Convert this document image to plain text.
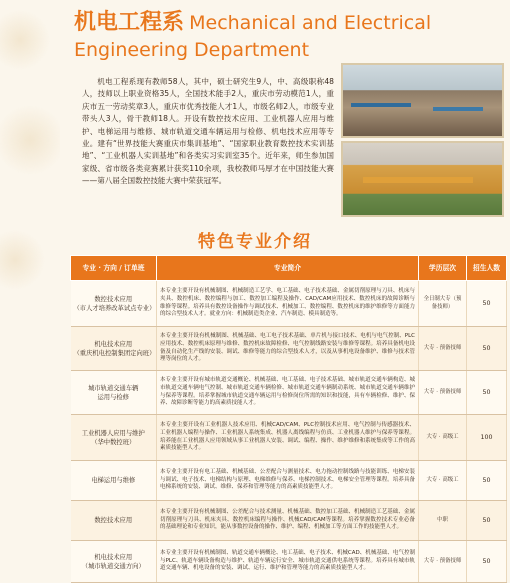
机电工程系 Mechanical and Electrical Engineering Department
机电工程系现有教师58人，其中，硕士研究生9人，中、高级职称48人，技师以上职业资格35人，全国技术能手2人，重庆市劳动模范1人，重庆市五一劳动奖章3人，重庆市优秀技能人才1人，市级名师2人，市级专业带头人3人，骨干教师18人。开设有数控技术应用、工业机器人应用与维护、电梯运用与维修、城市轨道交通车辆运用与检修、机电技术应用等专业。建有“世界技能大赛重庆市集训基地”、“国家职业教育数控技术实训基地”、“工业机器人实训基地”和各类实习实训室35个。近年来，师生参加国家级、省市级各类竞赛累计获奖110余项，我校教师马厚才在中国技能大赛——第八届全国数控技能大赛中荣获冠军。
特色专业介绍
专业 · 方向 / 订单班	专业简介	学历层次	招生人数
数控技术应用
（市人才培养改革试点专业）	本专业主要开设有机械制图、机械制造工艺学、电工基础、电子技术基础、金属切削原理与刀具、机床与夹具、数控机床、数控编程与加工、数控加工编程及操作、CAD/CAM应用技术、数控机床的故障诊断与维修等课程。培养具有数控设备操作与调试技术、机械加工、数控编程、数控机床的维护维修等方面能力的综合型技术人才。就业方向：机械制造类企业、汽车制造、模具制造等。	全日制大专（预备技师）	50
机电技术应用
（重庆机电控制集团定向班）	本专业主要开设有机械制图、机械基础、电工电子技术基础、单片机与接口技术、电机与电气控制、PLC应用技术、数控机床原理与维修、数控机床故障检修、电气控制线路安装与维修等课程。培养具备机电设备及自动化生产线的安装、调试、维修等能力的综合型技术人才，以及从事机电设备维护、维修与技术管理等岗位的人才。	大专 · 预备技师	50
城市轨道交通车辆
运用与检修	本专业主要开设有城市轨道交通概论、机械基础、电工基础、电子技术基础、城市轨道交通车辆构造、城市轨道交通车辆电气控制、城市轨道交通车辆检修、城市轨道交通车辆制动系统、城市轨道交通车辆维护与保养等课程。培养掌握城市轨道交通车辆运用与检修岗位所需的知识和技能，具有车辆检修、维护、保养、故障诊断等能力的高素质技能人才。	大专 · 预备技师	50
工业机器人应用与维护
（华中数控班）	本专业主要开设有工业机器人技术应用、机械CAD/CAM、PLC控制技术应用、电气控制与传感器技术、工业机器人编程与操作、工业机器人系统集成、机器人离线编程与仿真、工业机器人维护与保养等课程。培养能在工业机器人应用领域从事工业机器人安装、调试、编程、操作、维护维修和系统集成等工作的高素质技能型人才。	大专 · 高级工	100
电梯运用与维修	本专业主要开设有电工基础、机械基础、公差配合与测量技术、电力拖动控制线路与技能训练、电梯安装与调试、电子技术、电梯结构与原理、电梯维修与保养、电梯控制技术、电梯安全管理等课程。培养具备电梯系统的安装、调试、维修、保养和管理等能力的高素质技能型人才。	大专 · 高级工	50
数控技术应用	本专业主要开设有机械制图、公差配合与技术测量、机械基础、数控加工基础、机械制造工艺基础、金属切削原理与刀具、机床夹具、数控机床编程与操作、机械CAD/CAM等课程。培养掌握数控技术专业必备的基础理论和专业知识，能从事数控设备的操作、维护、编程、机械加工等方面工作的技能型人才。	中职	50
机电技术应用
（城市轨道交通方向）	本专业主要开设有机械制图、轨道交通车辆概论、电工基础、电子技术、机械CAD、机械基础、电气控制与PLC、轨道车辆设备构造与维护、轨道车辆运行安全、城市轨道交通供电系统等课程。培养具有城市轨道交通车辆、机电设备的安装、调试、运行、维护和管理等能力的高素质技能型人才。	大专 · 预备技师	50
